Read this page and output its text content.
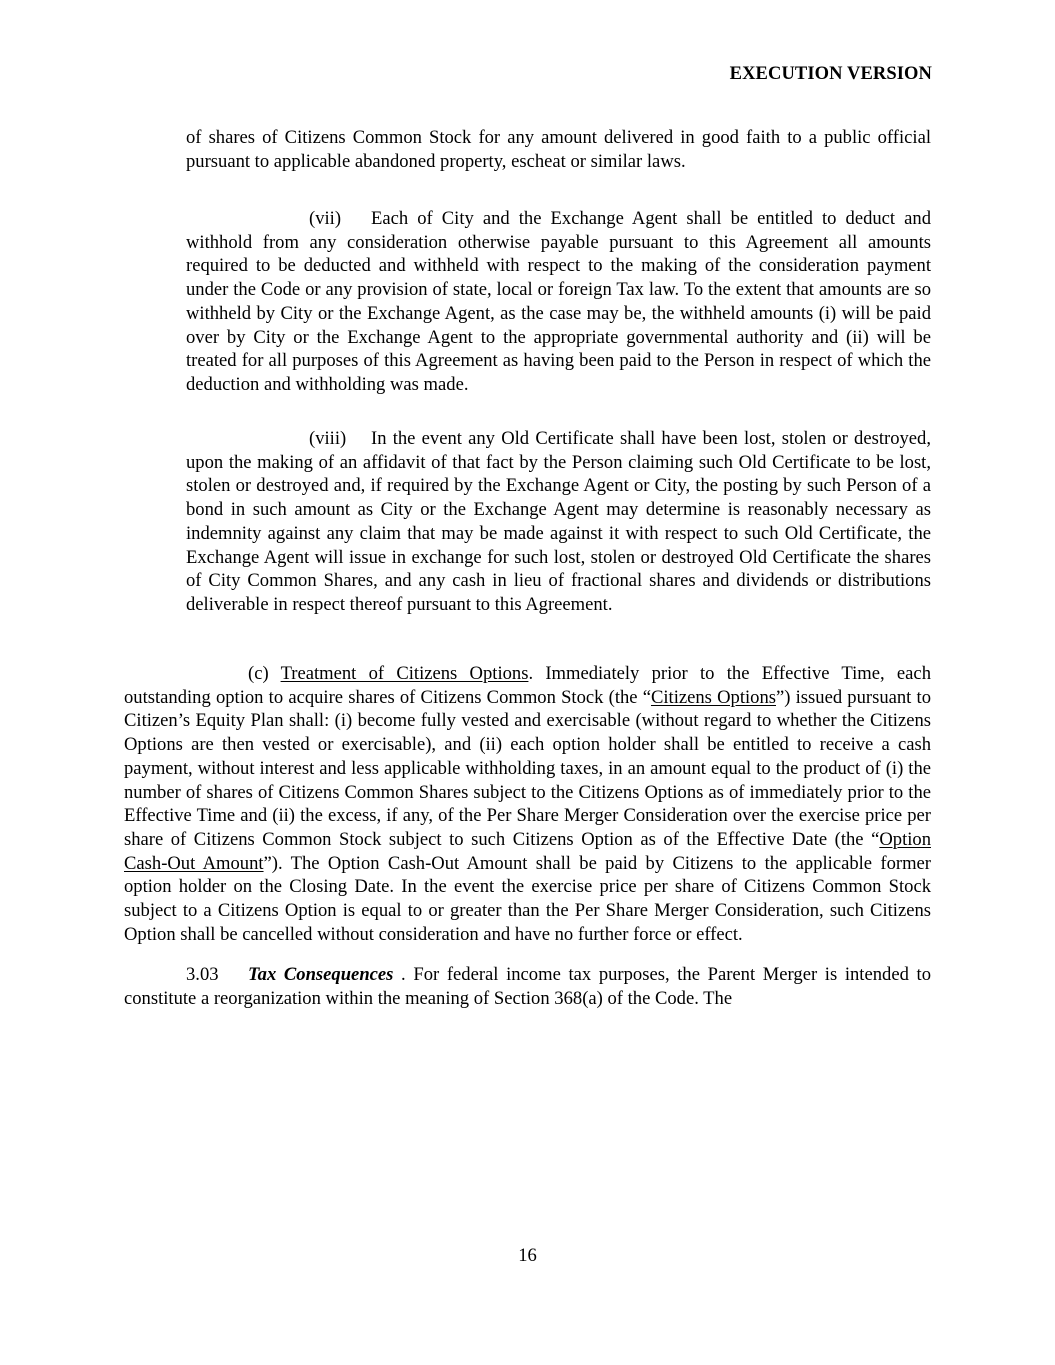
EXECUTION VERSION
of shares of Citizens Common Stock for any amount delivered in good faith to a public official pursuant to applicable abandoned property, escheat or similar laws.
(vii) Each of City and the Exchange Agent shall be entitled to deduct and withhold from any consideration otherwise payable pursuant to this Agreement all amounts required to be deducted and withheld with respect to the making of the consideration payment under the Code or any provision of state, local or foreign Tax law. To the extent that amounts are so withheld by City or the Exchange Agent, as the case may be, the withheld amounts (i) will be paid over by City or the Exchange Agent to the appropriate governmental authority and (ii) will be treated for all purposes of this Agreement as having been paid to the Person in respect of which the deduction and withholding was made.
(viii) In the event any Old Certificate shall have been lost, stolen or destroyed, upon the making of an affidavit of that fact by the Person claiming such Old Certificate to be lost, stolen or destroyed and, if required by the Exchange Agent or City, the posting by such Person of a bond in such amount as City or the Exchange Agent may determine is reasonably necessary as indemnity against any claim that may be made against it with respect to such Old Certificate, the Exchange Agent will issue in exchange for such lost, stolen or destroyed Old Certificate the shares of City Common Shares, and any cash in lieu of fractional shares and dividends or distributions deliverable in respect thereof pursuant to this Agreement.
(c) Treatment of Citizens Options. Immediately prior to the Effective Time, each outstanding option to acquire shares of Citizens Common Stock (the “Citizens Options”) issued pursuant to Citizen’s Equity Plan shall: (i) become fully vested and exercisable (without regard to whether the Citizens Options are then vested or exercisable), and (ii) each option holder shall be entitled to receive a cash payment, without interest and less applicable withholding taxes, in an amount equal to the product of (i) the number of shares of Citizens Common Shares subject to the Citizens Options as of immediately prior to the Effective Time and (ii) the excess, if any, of the Per Share Merger Consideration over the exercise price per share of Citizens Common Stock subject to such Citizens Option as of the Effective Date (the “Option Cash-Out Amount”). The Option Cash-Out Amount shall be paid by Citizens to the applicable former option holder on the Closing Date. In the event the exercise price per share of Citizens Common Stock subject to a Citizens Option is equal to or greater than the Per Share Merger Consideration, such Citizens Option shall be cancelled without consideration and have no further force or effect.
3.03 Tax Consequences . For federal income tax purposes, the Parent Merger is intended to constitute a reorganization within the meaning of Section 368(a) of the Code. The
16
